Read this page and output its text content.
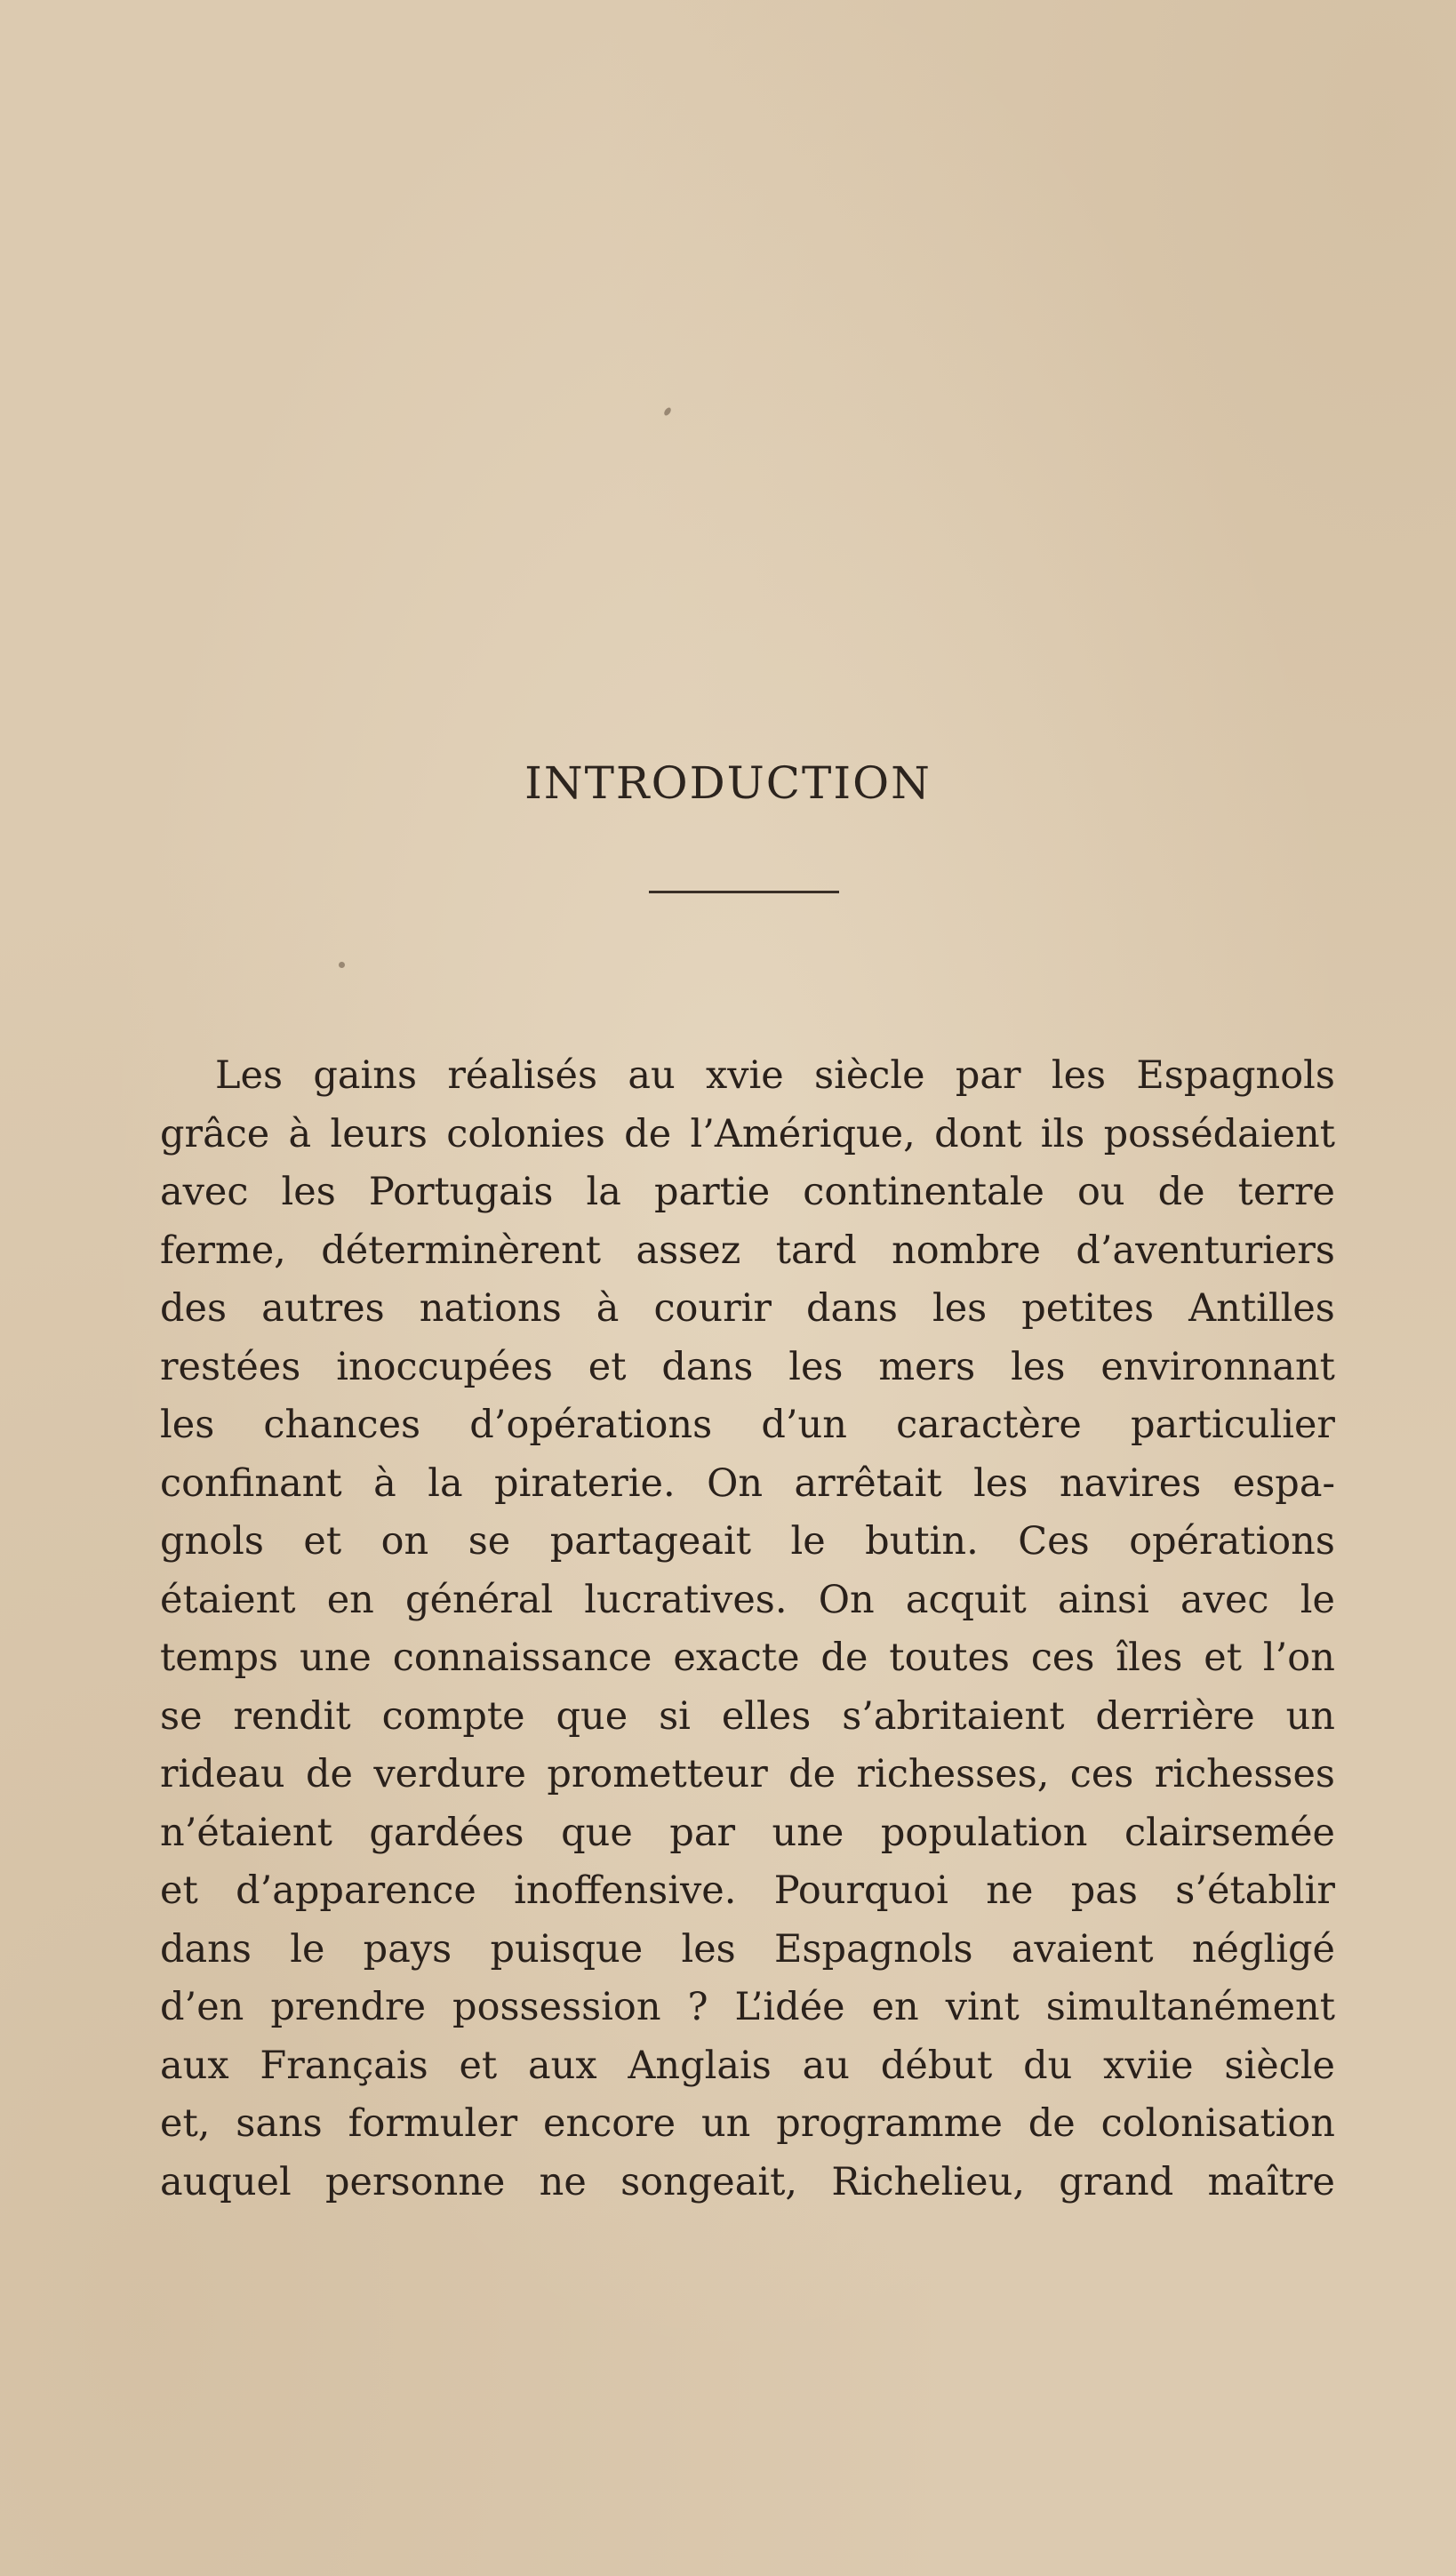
INTRODUCTION
Les gains réalisés au xvie siècle par les Espagnols
grâce à leurs colonies de l’Amérique, dont ils possédaient
avec les Portugais la partie continentale ou de terre
ferme, déterminèrent assez tard nombre d’aventuriers
des autres nations à courir dans les petites Antilles
restées inoccupées et dans les mers les environnant
les chances d’opérations d’un caractère particulier
confinant à la piraterie. On arrêtait les navires espa-
gnols et on se partageait le butin. Ces opérations
étaient en général lucratives. On acquit ainsi avec le
temps une connaissance exacte de toutes ces îles et l’on
se rendit compte que si elles s’abritaient derrière un
rideau de verdure prometteur de richesses, ces richesses
n’étaient gardées que par une population clairsemée
et d’apparence inoffensive. Pourquoi ne pas s’établir
dans le pays puisque les Espagnols avaient négligé
d’en prendre possession ? L’idée en vint simultanément
aux Français et aux Anglais au début du xviie siècle
et, sans formuler encore un programme de colonisation
auquel personne ne songeait, Richelieu, grand maître
